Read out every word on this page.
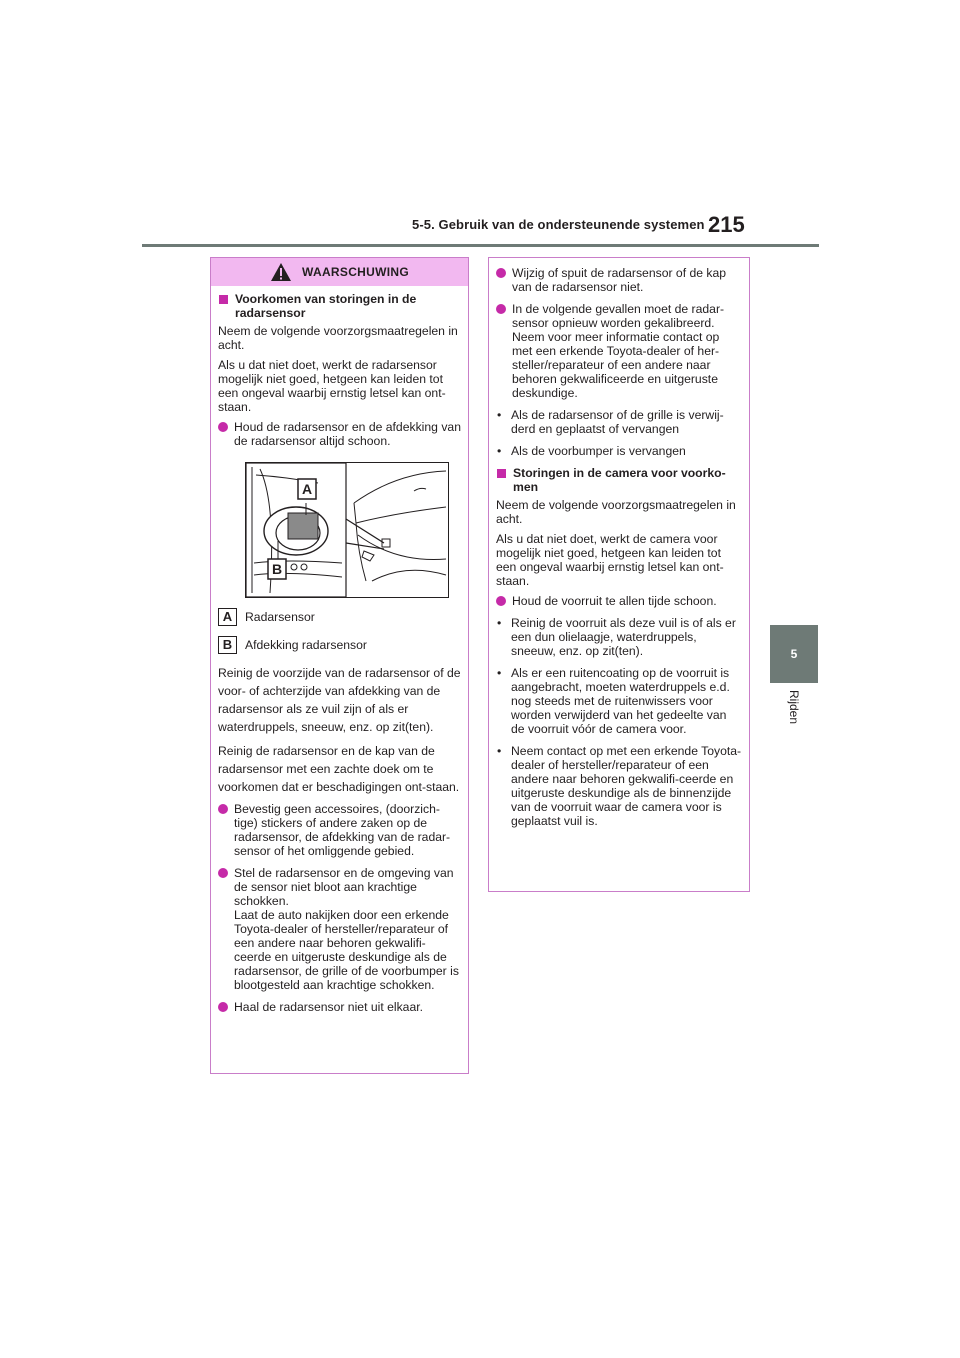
5-5. Gebruik van de ondersteunende systemen 215
5
Rijden
WAARSCHUWING
Voorkomen van storingen in de radarsensor

Neem de volgende voorzorgsmaatregelen in acht.

Als u dat niet doet, werkt de radarsensor mogelijk niet goed, hetgeen kan leiden tot een ongeval waarbij ernstig letsel kan ont-staan.

Houd de radarsensor en de afdekking van de radarsensor altijd schoon.
A
B
A	Radarsensor
B	Afdekking radarsensor

Reinig de voorzijde van de radarsensor of de voor- of achterzijde van afdekking van de radarsensor als ze vuil zijn of als er waterdruppels, sneeuw, enz. op zit(ten).

Reinig de radarsensor en de kap van de radarsensor met een zachte doek om te voorkomen dat er beschadigingen ont-staan.

Bevestig geen accessoires, (doorzich-tige) stickers of andere zaken op de radarsensor, de afdekking van de radar-sensor of het omliggende gebied.
Stel de radarsensor en de omgeving van de sensor niet bloot aan krachtige schokken.
Laat de auto nakijken door een erkende Toyota-dealer of hersteller/reparateur of een andere naar behoren gekwalifi-ceerde en uitgeruste deskundige als de radarsensor, de grille of de voorbumper is blootgesteld aan krachtige schokken.
Haal de radarsensor niet uit elkaar.
Wijzig of spuit de radarsensor of de kap van de radarsensor niet.
In de volgende gevallen moet de radar-sensor opnieuw worden gekalibreerd.
Neem voor meer informatie contact op met een erkende Toyota-dealer of her-steller/reparateur of een andere naar behoren gekwalificeerde en uitgeruste deskundige.
• Als de radarsensor of de grille is verwij-derd en geplaatst of vervangen
• Als de voorbumper is vervangen
Storingen in de camera voor voorko-men

Neem de volgende voorzorgsmaatregelen in acht.

Als u dat niet doet, werkt de camera voor mogelijk niet goed, hetgeen kan leiden tot een ongeval waarbij ernstig letsel kan ont-staan.

Houd de voorruit te allen tijde schoon.
• Reinig de voorruit als deze vuil is of als er een dun olielaagje, waterdruppels, sneeuw, enz. op zit(ten).
• Als er een ruitencoating op de voorruit is aangebracht, moeten waterdruppels e.d. nog steeds met de ruitenwissers voor worden verwijderd van het gedeelte van de voorruit vóór de camera voor.
• Neem contact op met een erkende Toyota-dealer of hersteller/reparateur of een andere naar behoren gekwalifi-ceerde en uitgeruste deskundige als de binnenzijde van de voorruit waar de camera voor is geplaatst vuil is.
